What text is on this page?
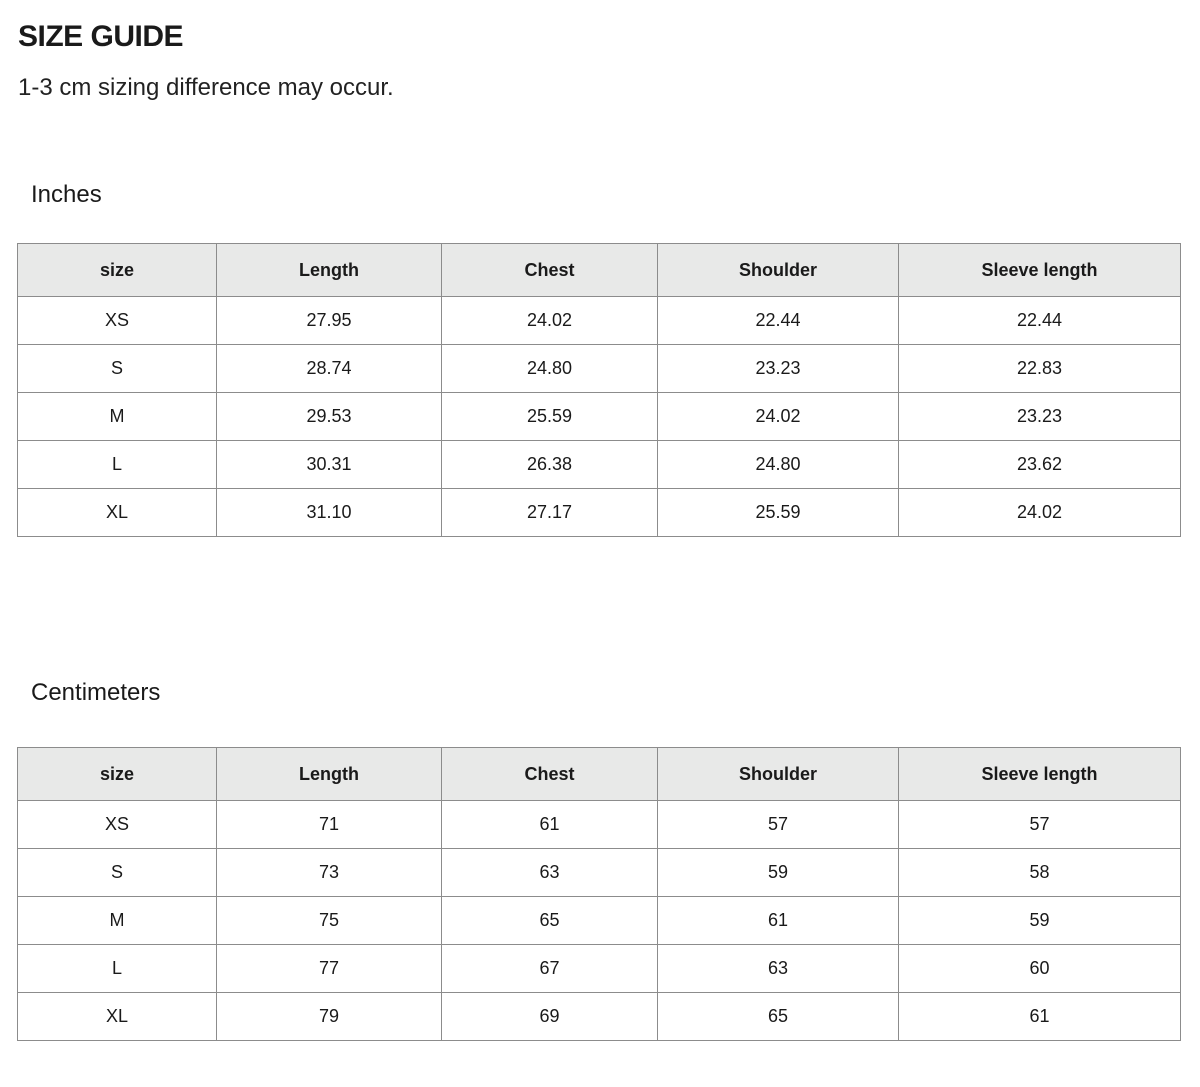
SIZE GUIDE

1-3 cm sizing difference may occur.

Inches
size	Length	Chest	Shoulder	Sleeve length
XS	27.95	24.02	22.44	22.44
S	28.74	24.80	23.23	22.83
M	29.53	25.59	24.02	23.23
L	30.31	26.38	24.80	23.62
XL	31.10	27.17	25.59	24.02
Centimeters
size	Length	Chest	Shoulder	Sleeve length
XS	71	61	57	57
S	73	63	59	58
M	75	65	61	59
L	77	67	63	60
XL	79	69	65	61
